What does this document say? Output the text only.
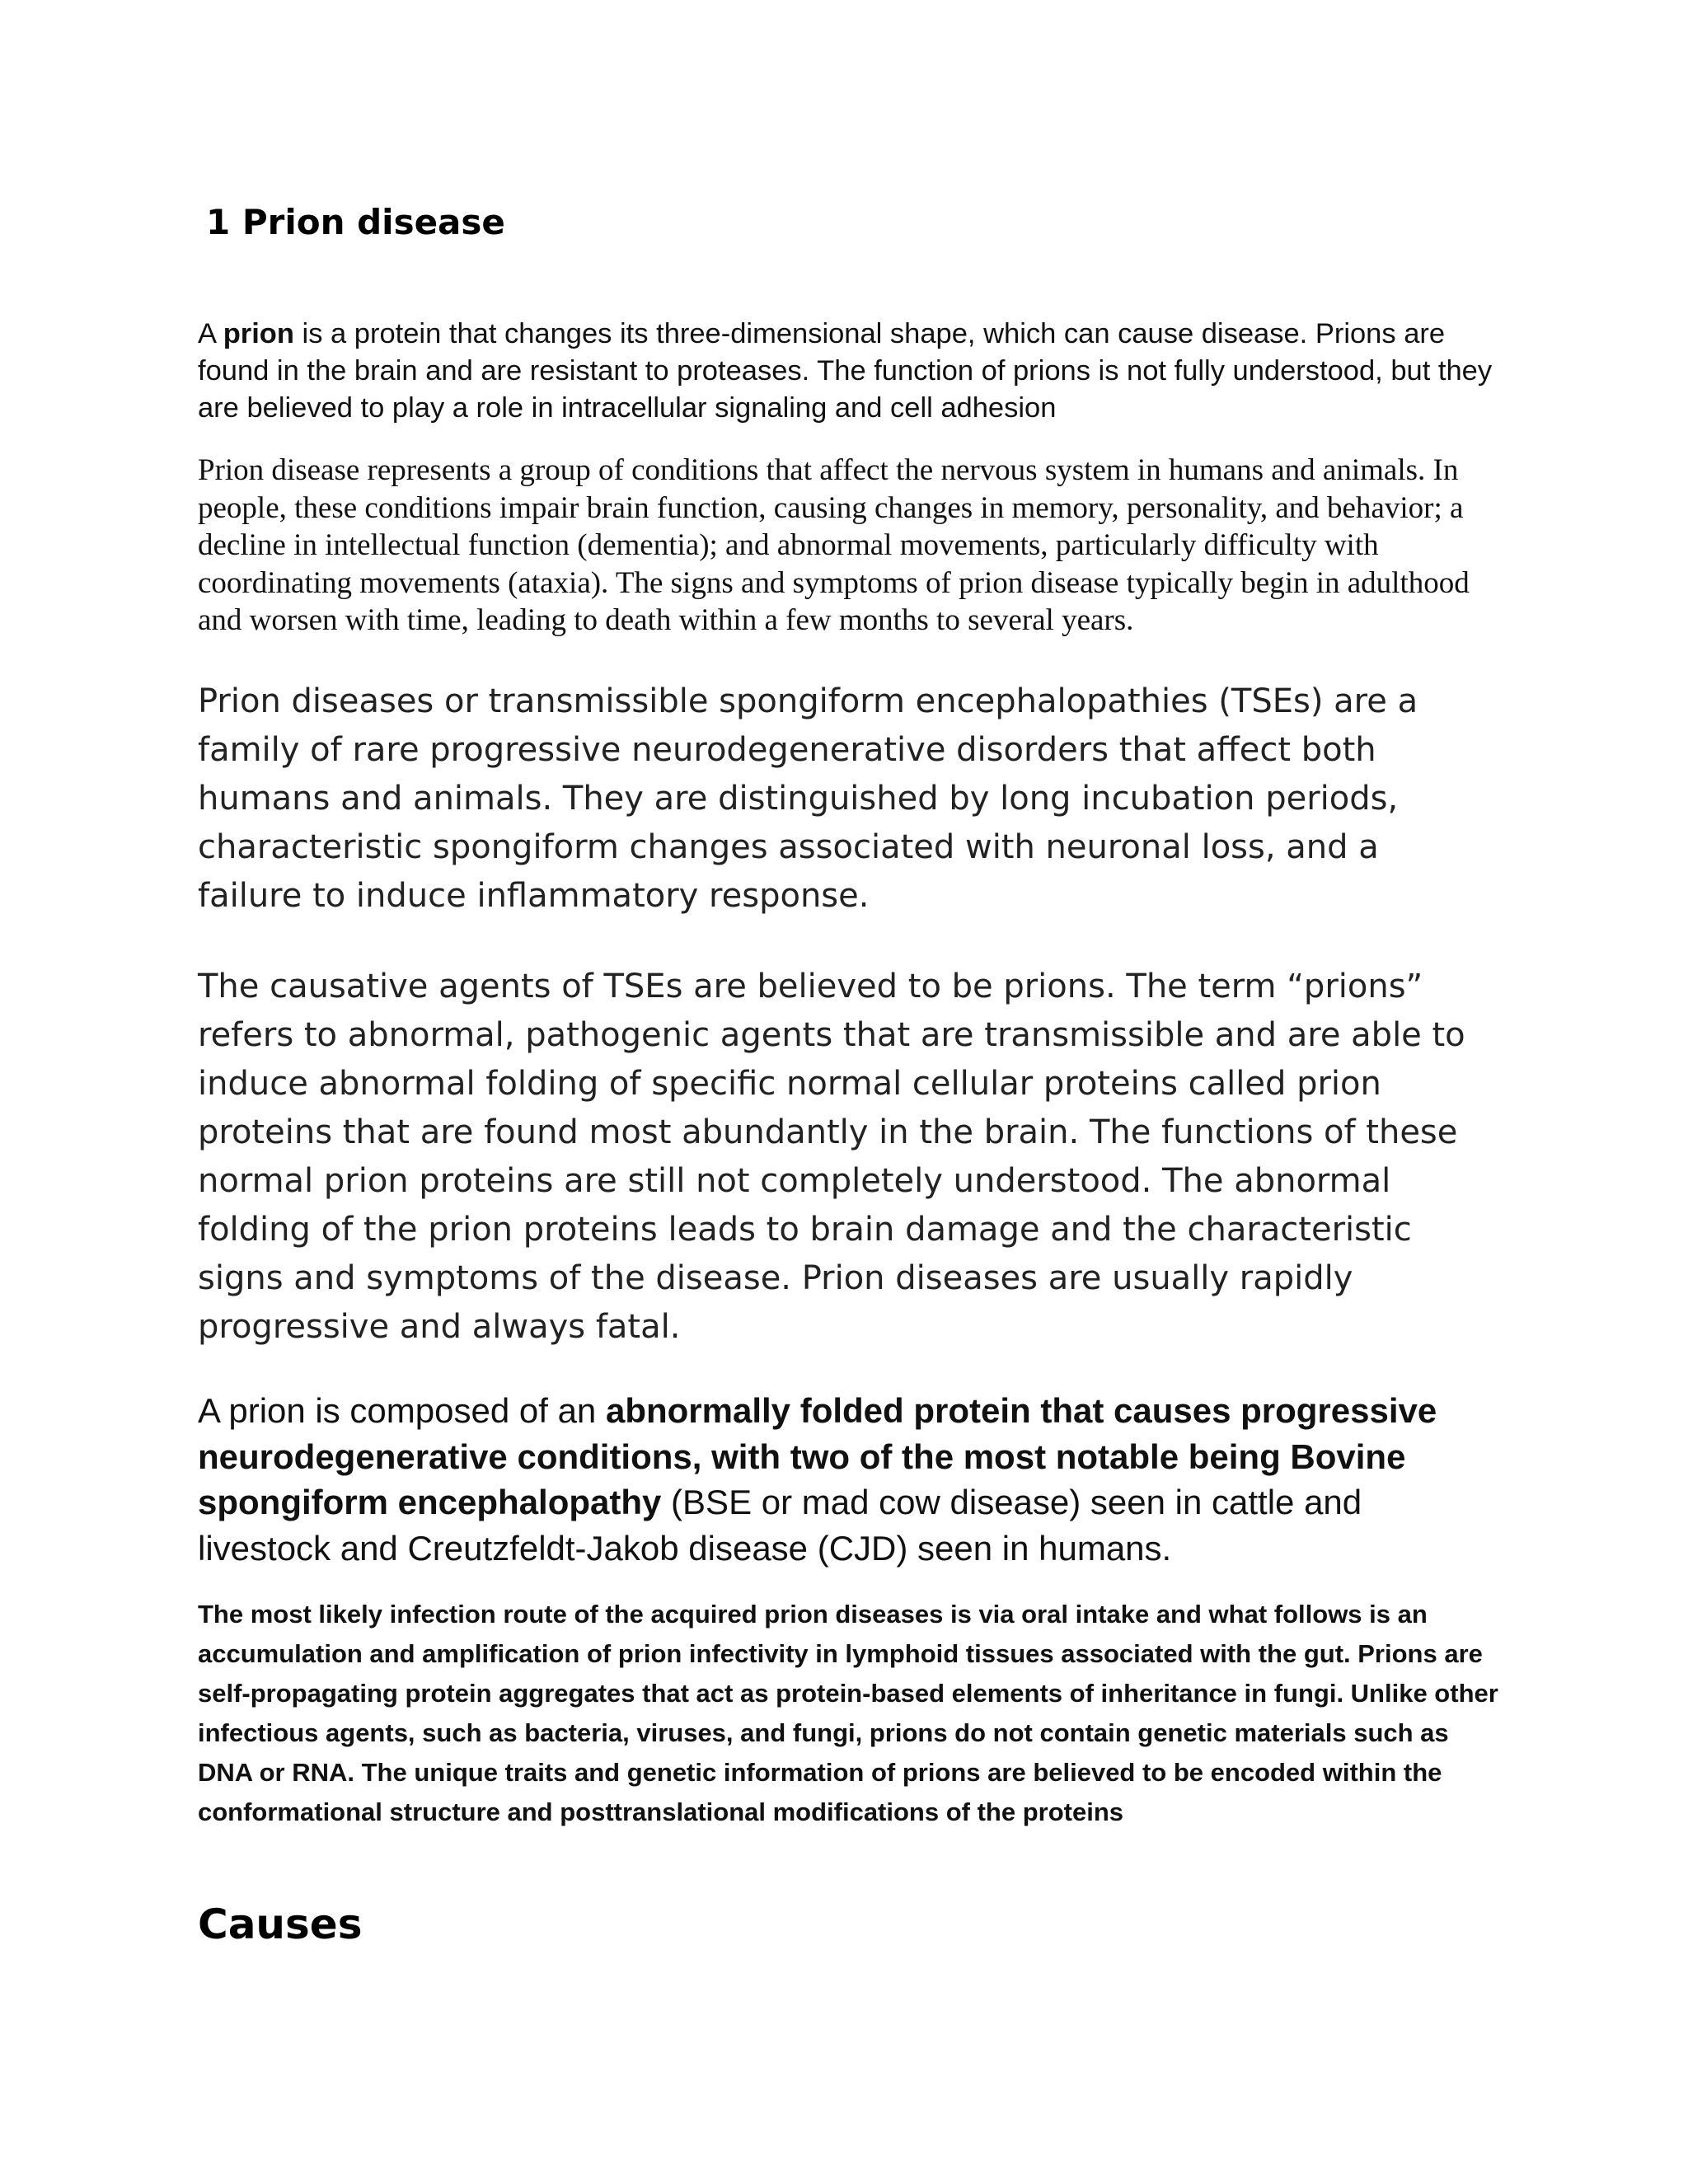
1 Prion disease

A prion is a protein that changes its three-dimensional shape, which can cause disease. Prions are found in the brain and are resistant to proteases. The function of prions is not fully understood, but they are believed to play a role in intracellular signaling and cell adhesion

Prion disease represents a group of conditions that affect the nervous system in humans and animals. In people, these conditions impair brain function, causing changes in memory, personality, and behavior; a decline in intellectual function (dementia); and abnormal movements, particularly difficulty with coordinating movements (ataxia). The signs and symptoms of prion disease typically begin in adulthood and worsen with time, leading to death within a few months to several years.

Prion diseases or transmissible spongiform encephalopathies (TSEs) are a family of rare progressive neurodegenerative disorders that affect both humans and animals. They are distinguished by long incubation periods, characteristic spongiform changes associated with neuronal loss, and a failure to induce inflammatory response.

The causative agents of TSEs are believed to be prions. The term “prions” refers to abnormal, pathogenic agents that are transmissible and are able to induce abnormal folding of specific normal cellular proteins called prion proteins that are found most abundantly in the brain. The functions of these normal prion proteins are still not completely understood. The abnormal folding of the prion proteins leads to brain damage and the characteristic signs and symptoms of the disease. Prion diseases are usually rapidly progressive and always fatal.

A prion is composed of an abnormally folded protein that causes progressive neurodegenerative conditions, with two of the most notable being Bovine spongiform encephalopathy (BSE or mad cow disease) seen in cattle and livestock and Creutzfeldt-Jakob disease (CJD) seen in humans.

The most likely infection route of the acquired prion diseases is via oral intake and what follows is an accumulation and amplification of prion infectivity in lymphoid tissues associated with the gut. Prions are self-propagating protein aggregates that act as protein-based elements of inheritance in fungi. Unlike other infectious agents, such as bacteria, viruses, and fungi, prions do not contain genetic materials such as DNA or RNA. The unique traits and genetic information of prions are believed to be encoded within the conformational structure and posttranslational modifications of the proteins

Causes
